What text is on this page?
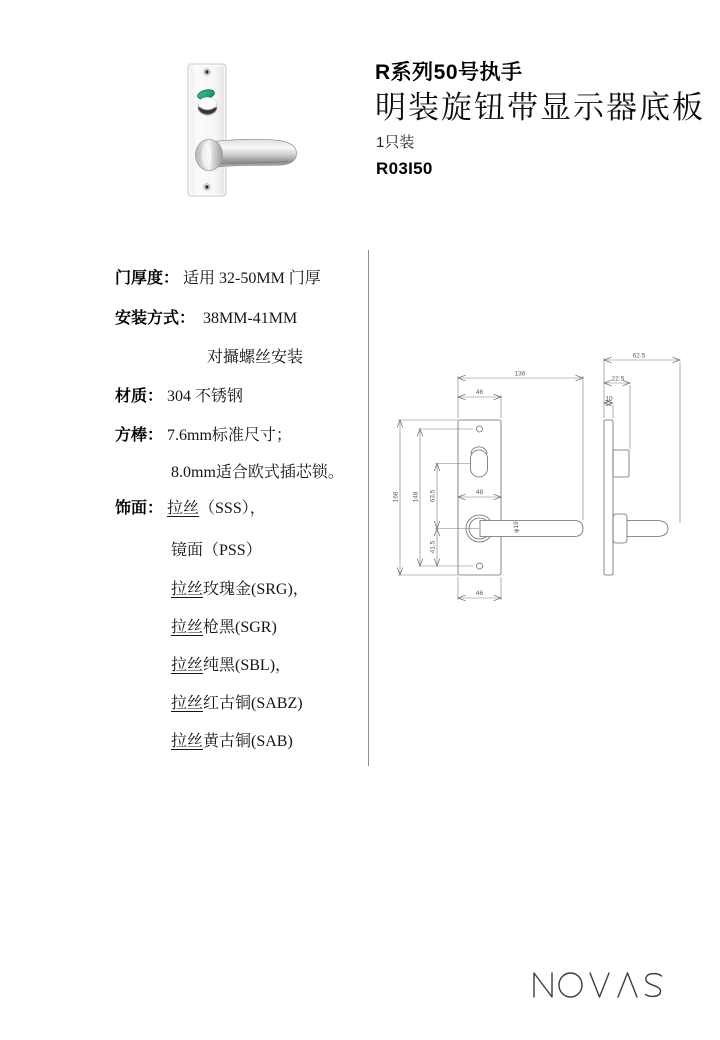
R系列50号执手
明装旋钮带显示器底板
1只装
R03I50
门厚度： 适用 32-50MM 门厚
安装方式： 38MM-41MM
对攝螺丝安装
材质： 304 不锈钢
方棒： 7.6mm标准尺寸；
8.0mm适合欧式插芯锁。
饰面： 拉丝（SSS），
镜面（PSS）
拉丝玫瑰金(SRG)，
拉丝枪黑(SGR)
拉丝纯黑(SBL)，
拉丝红古铜(SABZ)
拉丝黄古铜(SAB)
136
46
48
46
168 148 63.5
41.5
φ19
62.5
22.5
10
